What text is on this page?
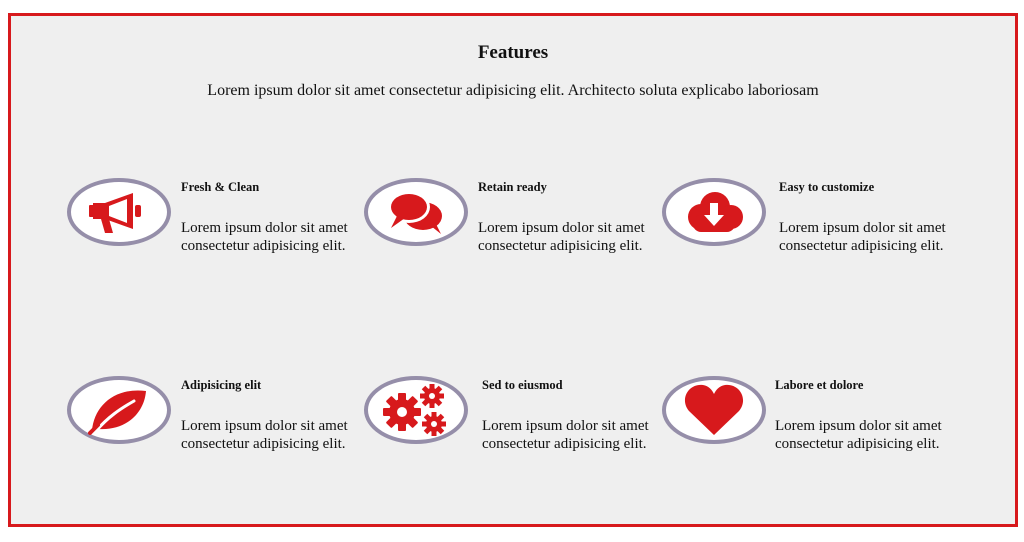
Features
Lorem ipsum dolor sit amet consectetur adipisicing elit. Architecto soluta explicabo laboriosam
Fresh & Clean
Lorem ipsum dolor sit amet consectetur adipisicing elit.
Retain ready
Lorem ipsum dolor sit amet consectetur adipisicing elit.
Easy to customize
Lorem ipsum dolor sit amet consectetur adipisicing elit.
Adipisicing elit
Lorem ipsum dolor sit amet consectetur adipisicing elit.
Sed to eiusmod
Lorem ipsum dolor sit amet consectetur adipisicing elit.
Labore et dolore
Lorem ipsum dolor sit amet consectetur adipisicing elit.
